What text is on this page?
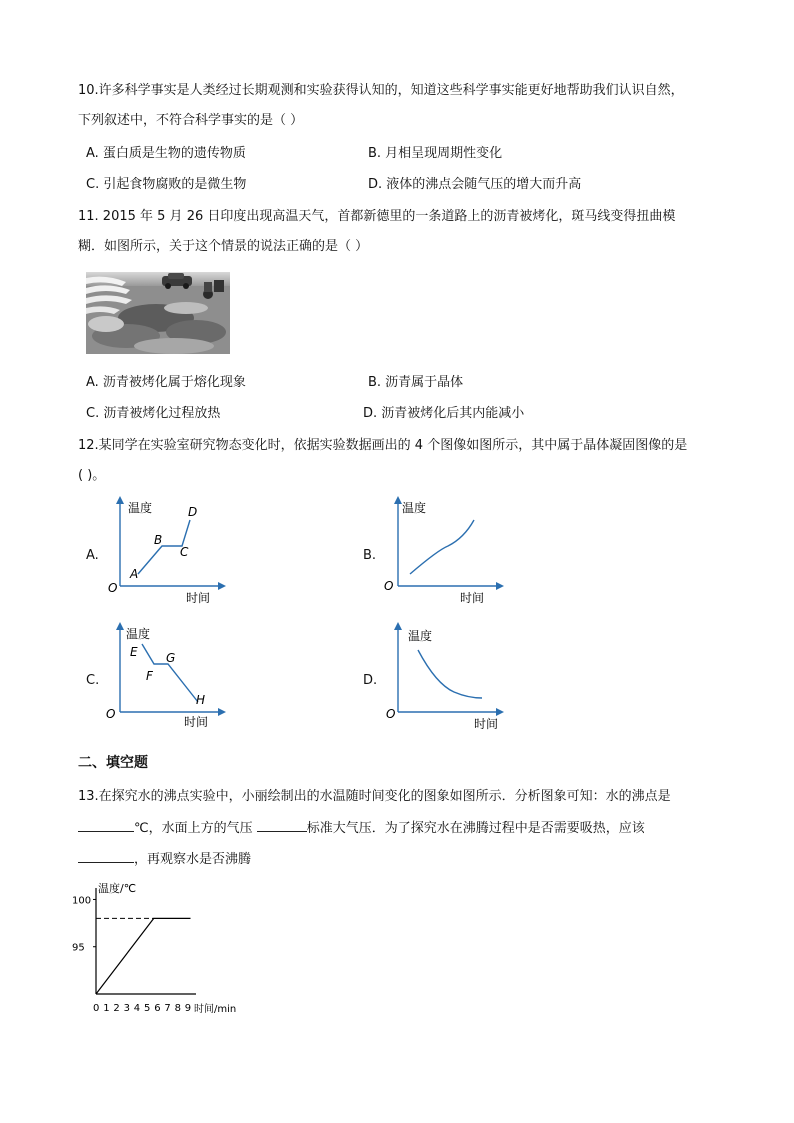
10.许多科学事实是人类经过长期观测和实验获得认知的，知道这些科学事实能更好地帮助我们认识自然，
下列叙述中，不符合科学事实的是（ ）
A. 蛋白质是生物的遗传物质	B. 月相呈现周期性变化
C. 引起食物腐败的是微生物	D. 液体的沸点会随气压的增大而升高
11. 2015 年 5 月 26 日印度出现高温天气，首都新德里的一条道路上的沥青被烤化，斑马线变得扭曲模
糊．如图所示，关于这个情景的说法正确的是（ ）
A. 沥青被烤化属于熔化现象	B. 沥青属于晶体
C. 沥青被烤化过程放热	D. 沥青被烤化后其内能减小
12.某同学在实验室研究物态变化时，依据实验数据画出的 4 个图像如图所示，其中属于晶体凝固图像的是
( )。
A.
温度
时间
O
A
B
C
D
B.
温度
时间
O
C.
温度
时间
O
E
F
G
H
D.
温度
时间
O
二、填空题
13.在探究水的沸点实验中，小丽绘制出的水温随时间变化的图象如图所示．分析图象可知：水的沸点是
℃，水面上方的气压	标准大气压．为了探究水在沸腾过程中是否需要吸热，应该
，再观察水是否沸腾
温度/℃
时间/min
0 1 2 3 4 5 6 7 8 9
95
100
